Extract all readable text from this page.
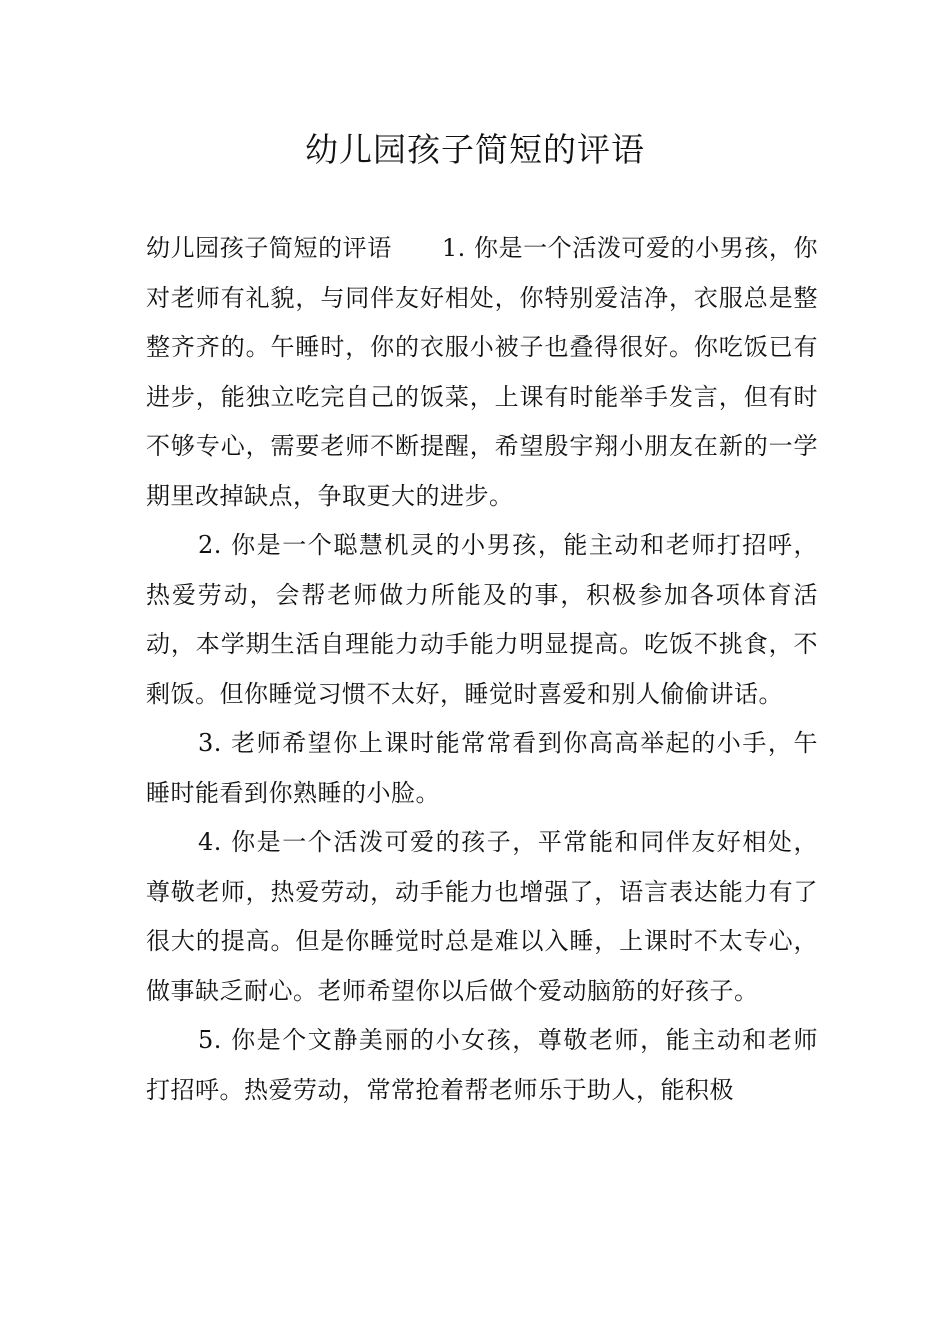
幼儿园孩子简短的评语

幼儿园孩子简短的评语 1. 你是一个活泼可爱的小男孩，你对老师有礼貌，与同伴友好相处，你特别爱洁净，衣服总是整整齐齐的。午睡时，你的衣服小被子也叠得很好。你吃饭已有进步，能独立吃完自己的饭菜，上课有时能举手发言，但有时不够专心，需要老师不断提醒，希望殷宇翔小朋友在新的一学期里改掉缺点，争取更大的进步。

2. 你是一个聪慧机灵的小男孩，能主动和老师打招呼，热爱劳动，会帮老师做力所能及的事，积极参加各项体育活动，本学期生活自理能力动手能力明显提高。吃饭不挑食，不剩饭。但你睡觉习惯不太好，睡觉时喜爱和别人偷偷讲话。

3. 老师希望你上课时能常常看到你高高举起的小手，午睡时能看到你熟睡的小脸。

4. 你是一个活泼可爱的孩子，平常能和同伴友好相处，尊敬老师，热爱劳动，动手能力也增强了，语言表达能力有了很大的提高。但是你睡觉时总是难以入睡，上课时不太专心，做事缺乏耐心。老师希望你以后做个爱动脑筋的好孩子。

5. 你是个文静美丽的小女孩，尊敬老师，能主动和老师打招呼。热爱劳动，常常抢着帮老师乐于助人，能积极
